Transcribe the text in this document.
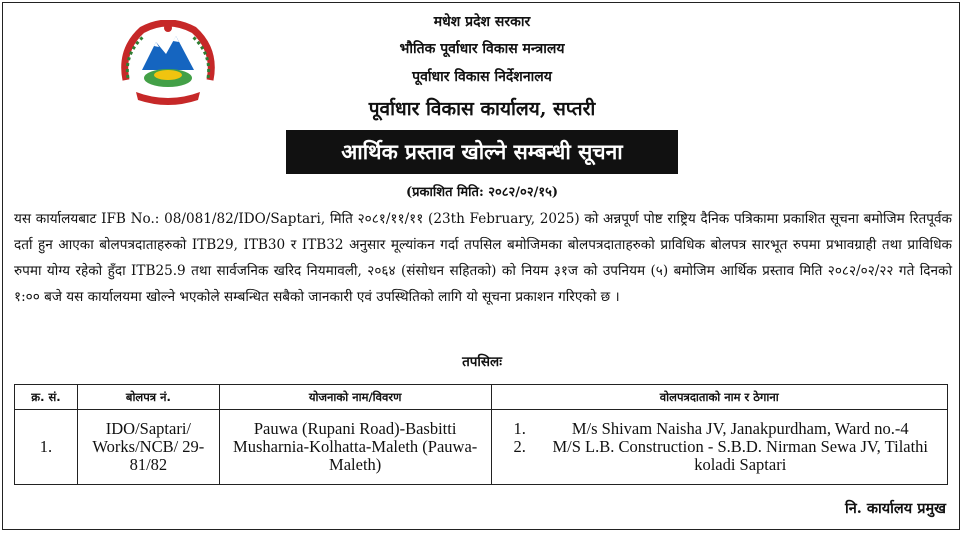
मधेश प्रदेश सरकार
भौतिक पूर्वाधार विकास मन्त्रालय
पूर्वाधार विकास निर्देशनालय
पूर्वाधार विकास कार्यालय, सप्तरी
आर्थिक प्रस्ताव खोल्ने सम्बन्धी सूचना
(प्रकाशित मिति: २०८२/०२/१५)
यस कार्यालयबाट IFB No.: 08/081/82/IDO/Saptari, मिति २०८१/११/११ (23th February, 2025) को अन्नपूर्ण पोष्ट राष्ट्रिय दैनिक पत्रिकामा प्रकाशित सूचना बमोजिम रितपूर्वक दर्ता हुन आएका बोलपत्रदाताहरुको ITB29, ITB30 र ITB32 अनुसार मूल्यांकन गर्दा तपसिल बमोजिमका बोलपत्रदाताहरुको प्राविधिक बोलपत्र सारभूत रुपमा प्रभावग्राही तथा प्राविधिक रुपमा योग्य रहेको हुँदा ITB25.9 तथा सार्वजनिक खरिद नियमावली, २०६४ (संसोधन सहितको) को नियम ३१ज को उपनियम (५) बमोजिम आर्थिक प्रस्ताव मिति २०८२/०२/२२ गते दिनको १:०० बजे यस कार्यालयमा खोल्ने भएकोले सम्बन्धित सबैको जानकारी एवं उपस्थितिको लागि यो सूचना प्रकाशन गरिएको छ ।
तपसिलः
क्र. सं.	बोलपत्र नं.	योजनाको नाम/विवरण	वोलपत्रदाताको नाम र ठेगाना
1.	IDO/Saptari/ Works/NCB/ 29-81/82	Pauwa (Rupani Road)-Basbitti Musharnia-Kolhatta-Maleth (Pauwa-Maleth)	1. M/s Shivam Naisha JV, Janakpurdham, Ward no.-4
2. M/S L.B. Construction - S.B.D. Nirman Sewa JV, Tilathi koladi Saptari
नि. कार्यालय प्रमुख
